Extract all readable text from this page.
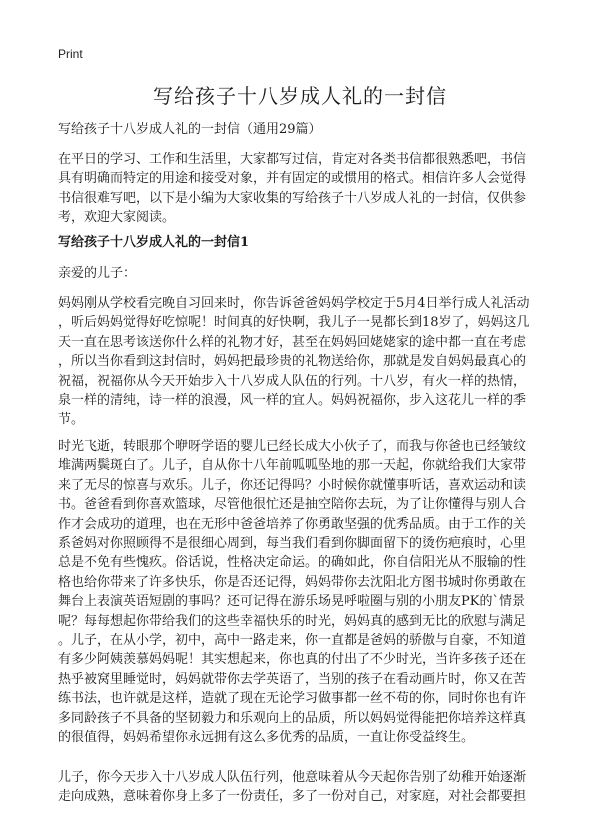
Print
写给孩子十八岁成人礼的一封信

写给孩子十八岁成人礼的一封信（通用29篇）

在平日的学习、工作和生活里，大家都写过信，肯定对各类书信都很熟悉吧，书信
具有明确而特定的用途和接受对象，并有固定的或惯用的格式。相信许多人会觉得
书信很难写吧，以下是小编为大家收集的写给孩子十八岁成人礼的一封信，仅供参
考，欢迎大家阅读。
写给孩子十八岁成人礼的一封信1

亲爱的儿子：

妈妈刚从学校看完晚自习回来时，你告诉爸爸妈妈学校定于5月4日举行成人礼活动
，听后妈妈觉得好吃惊呢！时间真的好快啊，我儿子一晃都长到18岁了，妈妈这几
天一直在思考该送你什么样的礼物才好，甚至在妈妈回姥姥家的途中都一直在考虑
，所以当你看到这封信时，妈妈把最珍贵的礼物送给你，那就是发自妈妈最真心的
祝福，祝福你从今天开始步入十八岁成人队伍的行列。十八岁，有火一样的热情，
泉一样的清纯，诗一样的浪漫，风一样的宜人。妈妈祝福你，步入这花儿一样的季
节。
时光飞逝，转眼那个咿呀学语的婴儿已经长成大小伙子了，而我与你爸也已经皱纹
堆满两鬓斑白了。儿子，自从你十八年前呱呱坠地的那一天起，你就给我们大家带
来了无尽的惊喜与欢乐。儿子，你还记得吗？小时候你就懂事听话，喜欢运动和读
书。爸爸看到你喜欢篮球，尽管他很忙还是抽空陪你去玩，为了让你懂得与别人合
作才会成功的道理，也在无形中爸爸培养了你勇敢坚强的优秀品质。由于工作的关
系爸妈对你照顾得不是很细心周到，每当我们看到你脚面留下的烫伤疤痕时，心里
总是不免有些愧疚。俗话说，性格决定命运。的确如此，你自信阳光从不服输的性
格也给你带来了许多快乐，你是否还记得，妈妈带你去沈阳北方图书城时你勇敢在
舞台上表演英语短剧的事吗？还可记得在游乐场晃呼啦圈与别的小朋友PK的`情景
呢？每每想起你带给我们的这些幸福快乐的时光，妈妈真的感到无比的欣慰与满足
。儿子，在从小学，初中，高中一路走来，你一直都是爸妈的骄傲与自豪，不知道
有多少阿姨羡慕妈妈呢！其实想起来，你也真的付出了不少时光，当许多孩子还在
热乎被窝里睡觉时，妈妈就带你去学英语了，当别的孩子在看动画片时，你又在苦
练书法，也许就是这样，造就了现在无论学习做事都一丝不苟的你，同时你也有许
多同龄孩子不具备的坚韧毅力和乐观向上的品质，所以妈妈觉得能把你培养这样真
的很值得，妈妈希望你永远拥有这么多优秀的品质，一直让你受益终生。
儿子，你今天步入十八岁成人队伍行列，他意味着从今天起你告别了幼稚开始逐渐
走向成熟，意味着你身上多了一份责任，多了一份对自己，对家庭，对社会都要担
